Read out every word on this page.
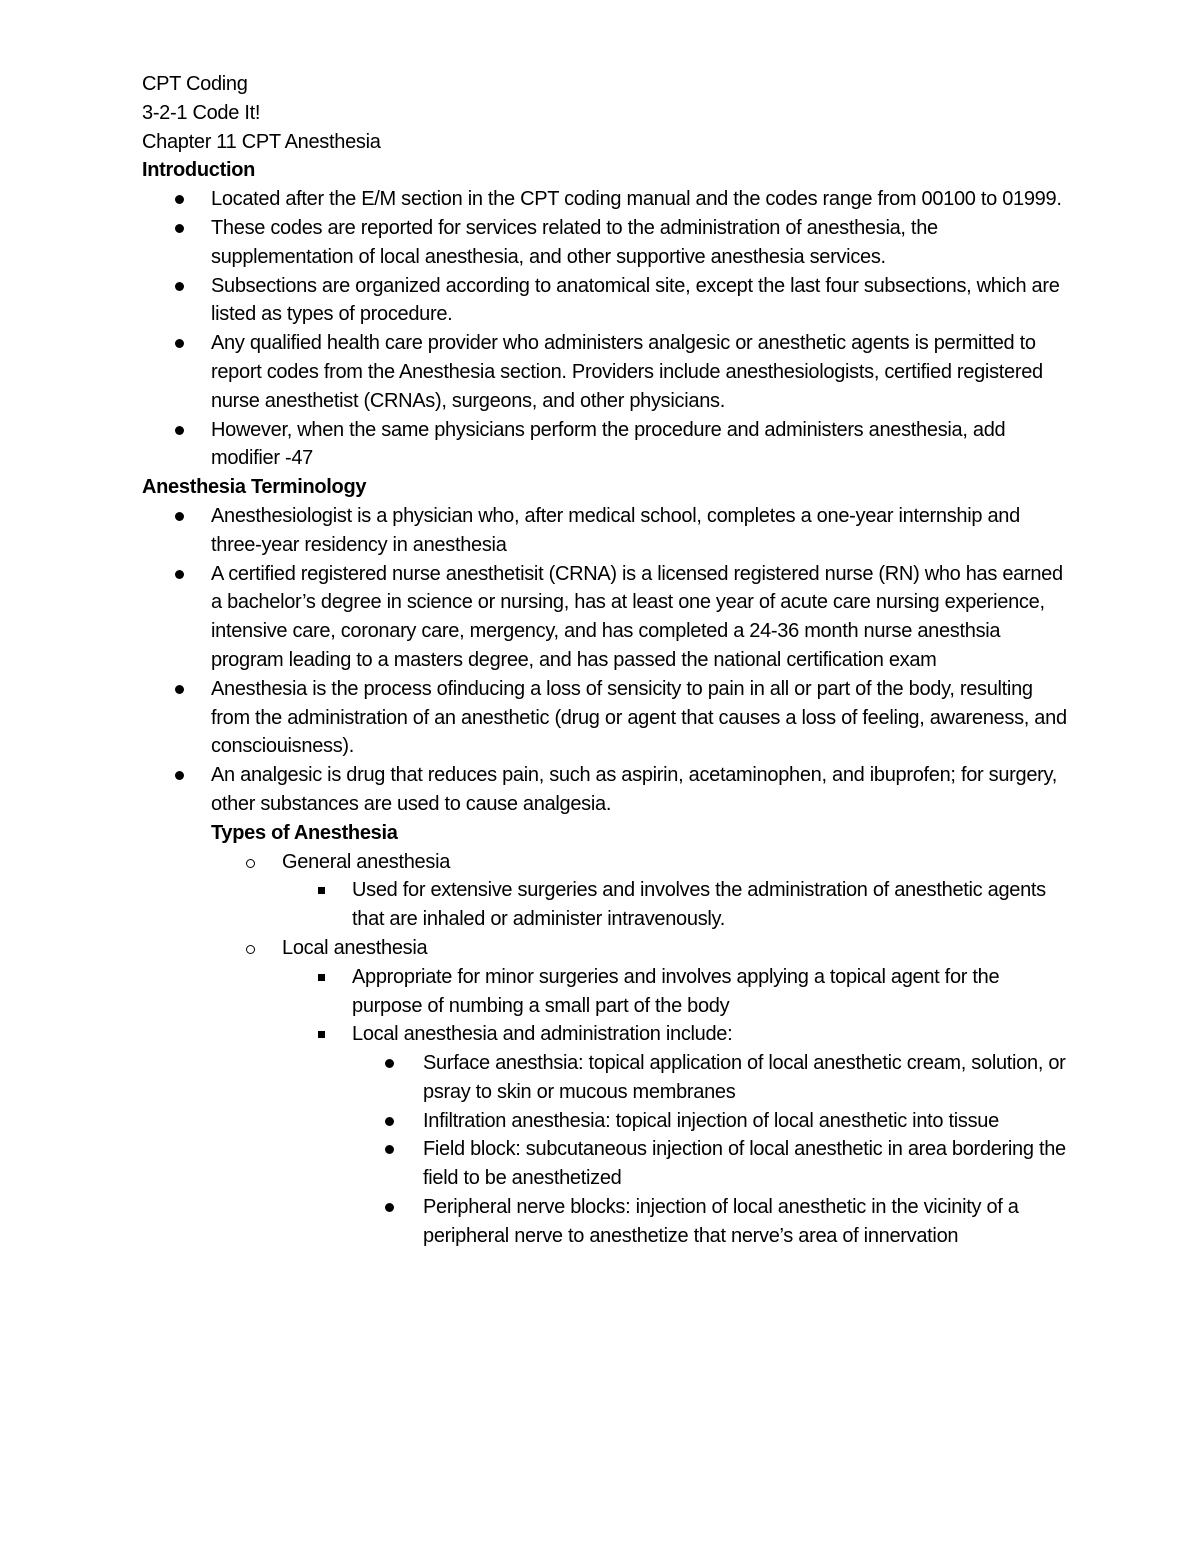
CPT Coding

3-2-1 Code It!

Chapter 11 CPT Anesthesia

Introduction

Located after the E/M section in the CPT coding manual and the codes range from 00100 to 01999.
These codes are reported for services related to the administration of anesthesia, the supplementation of local anesthesia, and other supportive anesthesia services.
Subsections are organized according to anatomical site, except the last four subsections, which are listed as types of procedure.
Any qualified health care provider who administers analgesic or anesthetic agents is permitted to report codes from the Anesthesia section. Providers include anesthesiologists, certified registered nurse anesthetist (CRNAs), surgeons, and other physicians.
However, when the same physicians perform the procedure and administers anesthesia, add modifier -47

Anesthesia Terminology

Anesthesiologist is a physician who, after medical school, completes a one-year internship and three-year residency in anesthesia
A certified registered nurse anesthetisit (CRNA) is a licensed registered nurse (RN) who has earned a bachelor’s degree in science or nursing, has at least one year of acute care nursing experience, intensive care, coronary care, mergency, and has completed a 24-36 month nurse anesthsia program leading to a masters degree, and has passed the national certification exam
Anesthesia is the process ofinducing a loss of sensicity to pain in all or part of the body, resulting from the administration of an anesthetic (drug or agent that causes a loss of feeling, awareness, and consciouisness).
An analgesic is drug that reduces pain, such as aspirin, acetaminophen, and ibuprofen; for surgery, other substances are used to cause analgesia.

Types of Anesthesia

General anesthesia
Used for extensive surgeries and involves the administration of anesthetic agents that are inhaled or administer intravenously.
Local anesthesia
Appropriate for minor surgeries and involves applying a topical agent for the purpose of numbing a small part of the body
Local anesthesia and administration include:
Surface anesthsia: topical application of local anesthetic cream, solution, or psray to skin or mucous membranes
Infiltration anesthesia: topical injection of local anesthetic into tissue
Field block: subcutaneous injection of local anesthetic in area bordering the field to be anesthetized
Peripheral nerve blocks: injection of local anesthetic in the vicinity of a peripheral nerve to anesthetize that nerve’s area of innervation
